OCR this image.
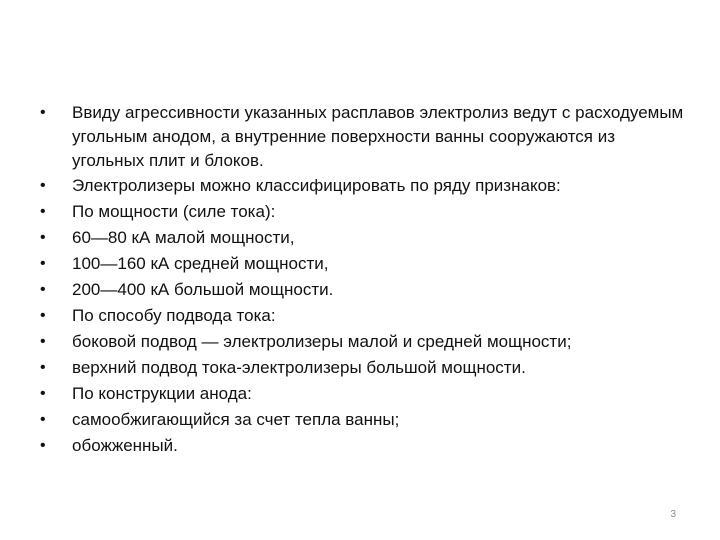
•	Ввиду агрессивности указанных расплавов электролиз ведут с расходуемым угольным анодом, а внутренние поверхности ванны сооружаются из угольных плит и блоков.
•	Электролизеры можно классифицировать по ряду признаков:
•	По мощности (силе тока):
•	60—80 кА малой мощности,
•	100—160 кА средней мощности,
•	200—400 кА большой мощности.
•	По способу подвода тока:
•	боковой подвод — электролизеры малой и средней мощности;
•	верхний подвод тока-электролизеры большой мощности.
•	По конструкции анода:
•	самообжигающийся за счет тепла ванны;
•	обожженный.
3
